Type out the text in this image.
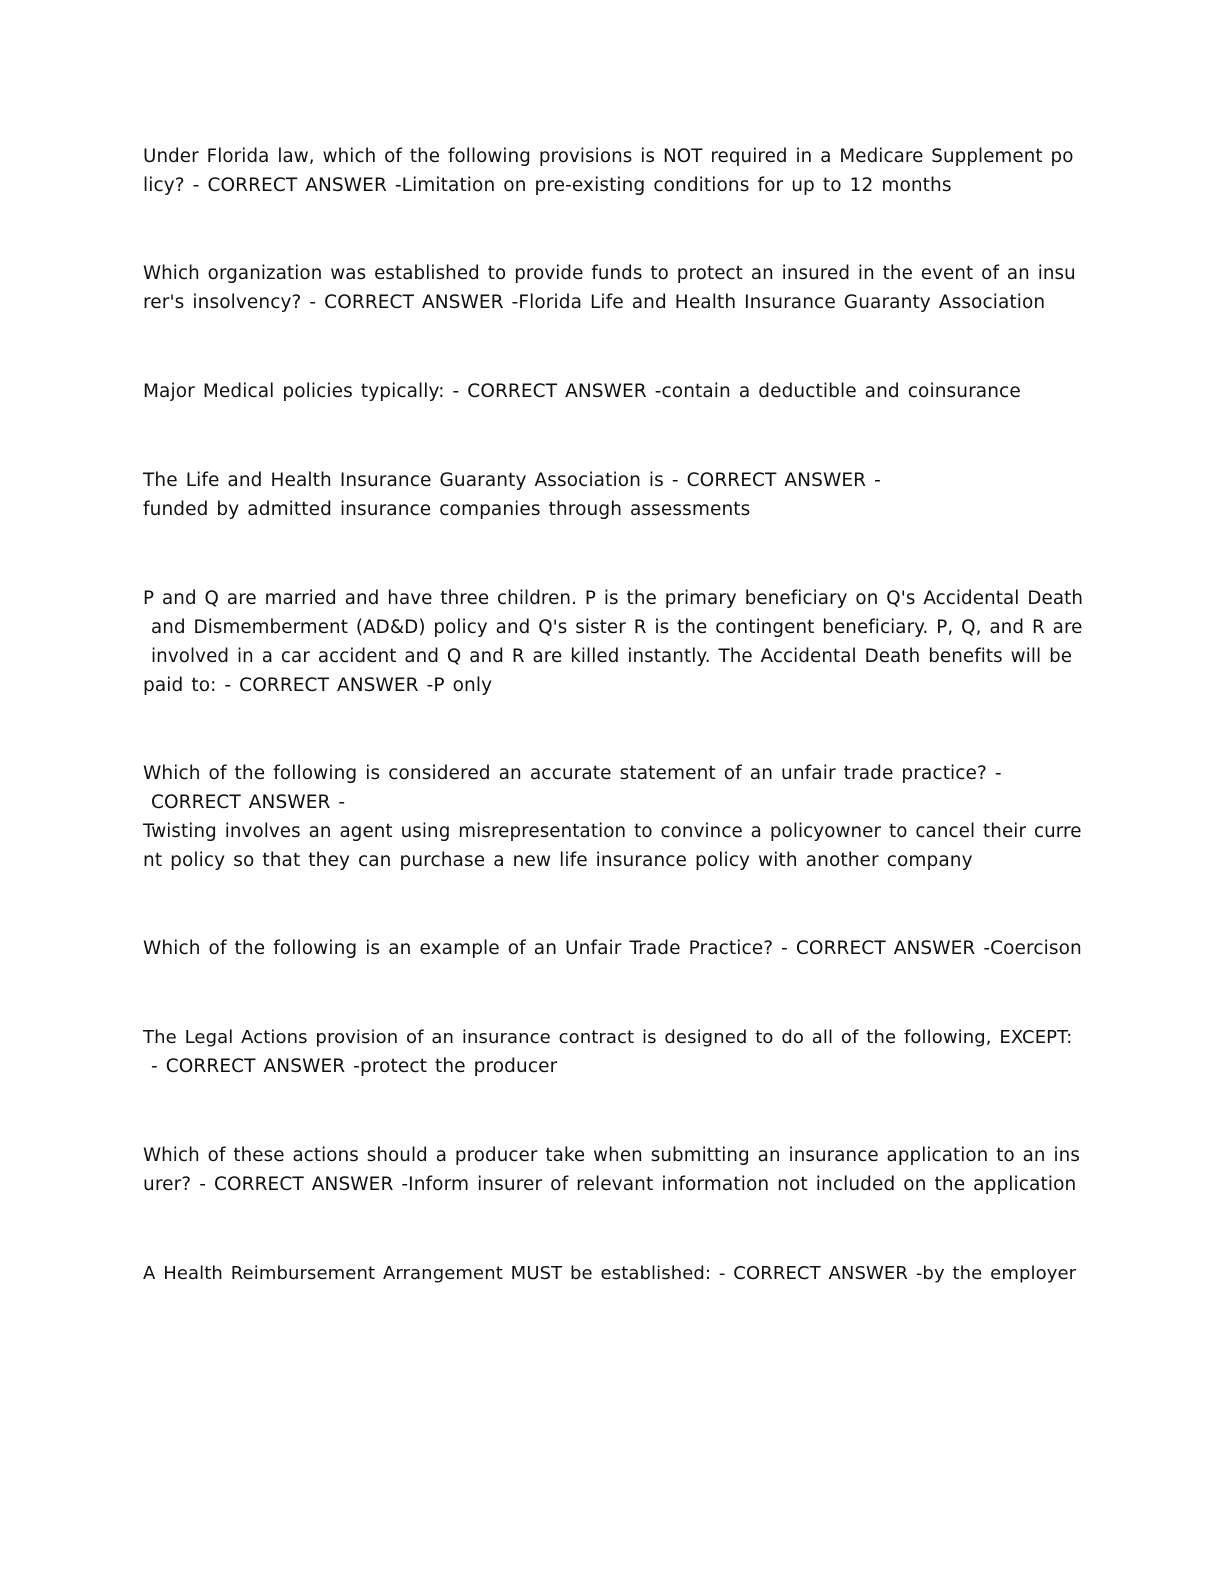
Under Florida law, which of the following provisions is NOT required in a Medicare Supplement po
licy? - CORRECT ANSWER -Limitation on pre-existing conditions for up to 12 months

Which organization was established to provide funds to protect an insured in the event of an insu
rer's insolvency? - CORRECT ANSWER -Florida Life and Health Insurance Guaranty Association

Major Medical policies typically: - CORRECT ANSWER -contain a deductible and coinsurance

The Life and Health Insurance Guaranty Association is - CORRECT ANSWER -
funded by admitted insurance companies through assessments

P and Q are married and have three children. P is the primary beneficiary on Q's Accidental Death
and Dismemberment (AD&D) policy and Q's sister R is the contingent beneficiary. P, Q, and R are
involved in a car accident and Q and R are killed instantly. The Accidental Death benefits will be
paid to: - CORRECT ANSWER -P only

Which of the following is considered an accurate statement of an unfair trade practice? -
CORRECT ANSWER -
Twisting involves an agent using misrepresentation to convince a policyowner to cancel their curre
nt policy so that they can purchase a new life insurance policy with another company

Which of the following is an example of an Unfair Trade Practice? - CORRECT ANSWER -Coercison

The Legal Actions provision of an insurance contract is designed to do all of the following, EXCEPT:
- CORRECT ANSWER -protect the producer

Which of these actions should a producer take when submitting an insurance application to an ins
urer? - CORRECT ANSWER -Inform insurer of relevant information not included on the application

A Health Reimbursement Arrangement MUST be established: - CORRECT ANSWER -by the employer
